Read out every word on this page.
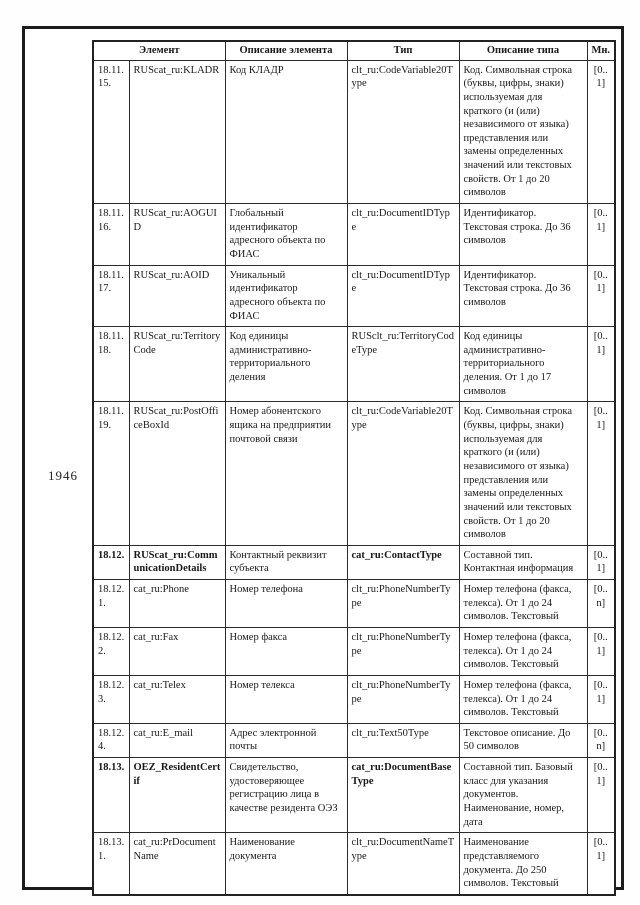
1946
Элемент		Описание элемента	Тип	Описание типа	Мн.
18.11.15.	RUScat_ru:KLADR	Код КЛАДР	clt_ru:CodeVariable20Type	Код. Символьная строка (буквы, цифры, знаки) используемая для краткого (и (или) независимого от языка) представления или замены определенных значений или текстовых свойств. От 1 до 20 символов	[0..1]
18.11.16.	RUScat_ru:AOGUID	Глобальный идентификатор адресного объекта по ФИАС	clt_ru:DocumentIDType	Идентификатор. Текстовая строка. До 36 символов	[0..1]
18.11.17.	RUScat_ru:AOID	Уникальный идентификатор адресного объекта по ФИАС	clt_ru:DocumentIDType	Идентификатор. Текстовая строка. До 36 символов	[0..1]
18.11.18.	RUScat_ru:TerritoryCode	Код единицы административно-территориального деления	RUSclt_ru:TerritoryCodeType	Код единицы административно-территориального деления. От 1 до 17 символов	[0..1]
18.11.19.	RUScat_ru:PostOfficeBoxId	Номер абонентского ящика на предприятии почтовой связи	clt_ru:CodeVariable20Type	Код. Символьная строка (буквы, цифры, знаки) используемая для краткого (и (или) независимого от языка) представления или замены определенных значений или текстовых свойств. От 1 до 20 символов	[0..1]
18.12.	RUScat_ru:CommunicationDetails	Контактный реквизит субъекта	cat_ru:ContactType	Составной тип. Контактная информация	[0..1]
18.12.1.	cat_ru:Phone	Номер телефона	clt_ru:PhoneNumberType	Номер телефона (факса, телекса). От 1 до 24 символов. Текстовый	[0..n]
18.12.2.	cat_ru:Fax	Номер факса	clt_ru:PhoneNumberType	Номер телефона (факса, телекса). От 1 до 24 символов. Текстовый	[0..1]
18.12.3.	cat_ru:Telex	Номер телекса	clt_ru:PhoneNumberType	Номер телефона (факса, телекса). От 1 до 24 символов. Текстовый	[0..1]
18.12.4.	cat_ru:E_mail	Адрес электронной почты	clt_ru:Text50Type	Текстовое описание. До 50 символов	[0..n]
18.13.	OEZ_ResidentCertif	Свидетельство, удостоверяющее регистрацию лица в качестве резидента ОЭЗ	cat_ru:DocumentBaseType	Составной тип. Базовый класс для указания документов. Наименование, номер, дата	[0..1]
18.13.1.	cat_ru:PrDocumentName	Наименование документа	clt_ru:DocumentNameType	Наименование представляемого документа. До 250 символов. Текстовый	[0..1]
